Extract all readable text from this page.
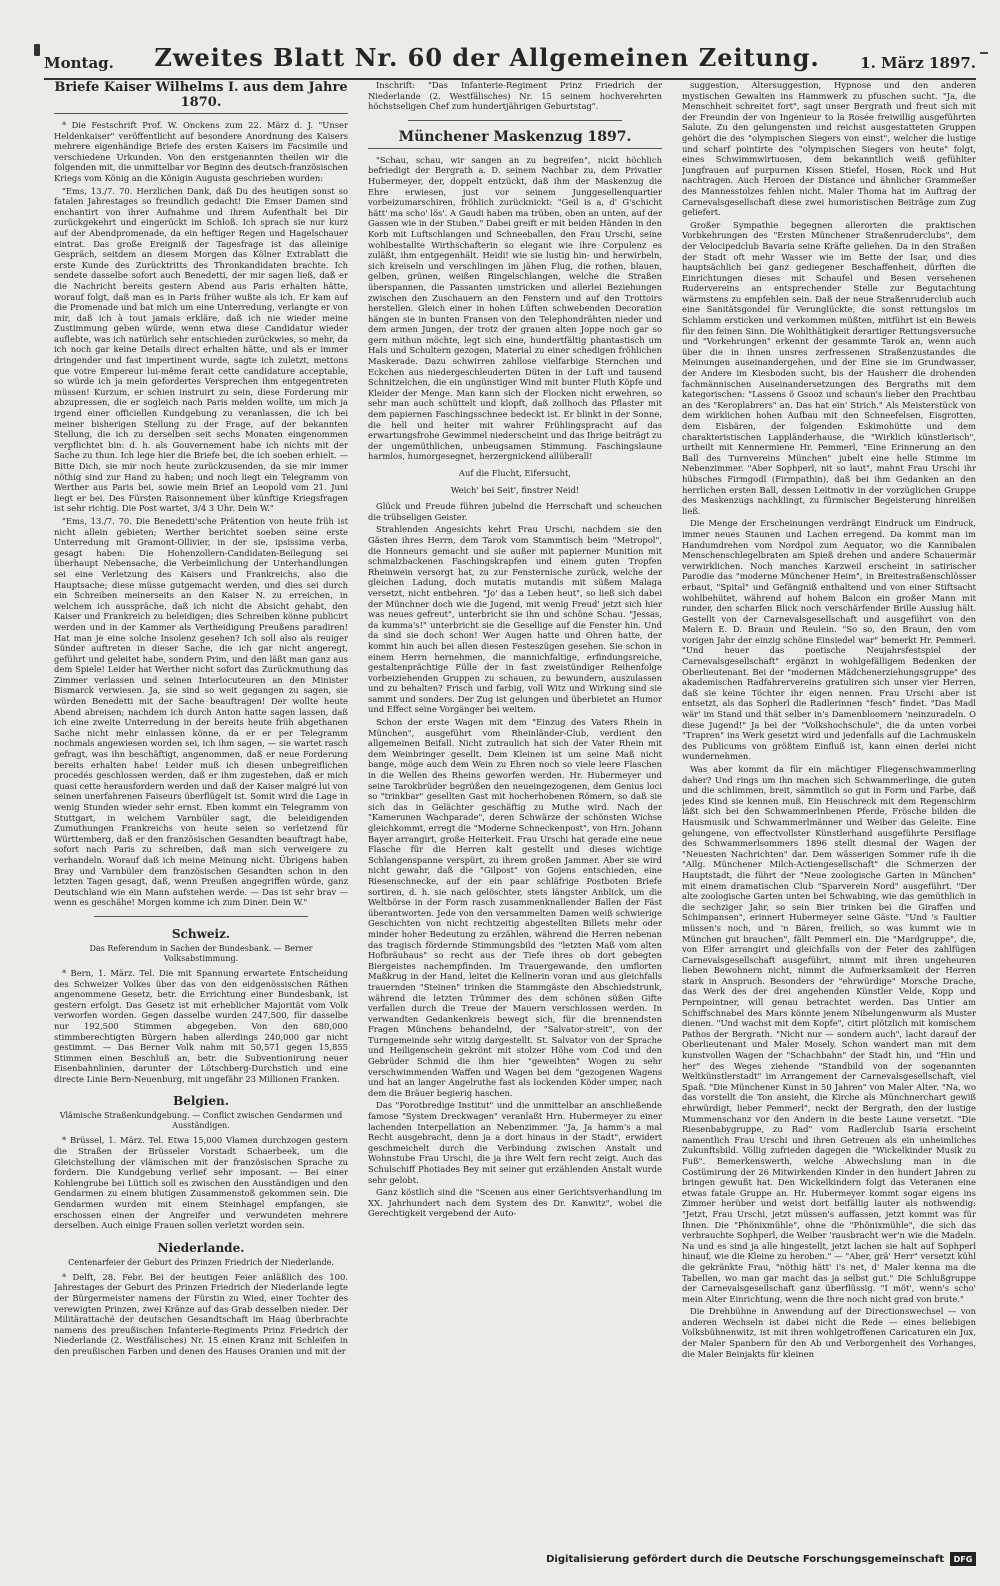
Montag. Zweites Blatt Nr. 60 der Allgemeinen Zeitung.	1. März 1897.
Briefe Kaiser Wilhelms I. aus dem Jahre 1870.

* Die Festschrift Prof. W. Onckens zum 22. März d. J. "Unser Heldenkaiser" veröffentlicht auf besondere Anordnung des Kaisers mehrere eigenhändige Briefe des ersten Kaisers im Facsimile und verschiedene Urkunden. Von den erstgenannten theilen wir die folgenden mit, die unmittelbar vor Beginn des deutsch-französischen Kriegs vom König an die Königin Augusta geschrieben wurden:

"Ems, 13./7. 70. Herzlichen Dank, daß Du des heutigen sonst so fatalen Jahrestages so freundlich gedacht! Die Emser Damen sind enchantirt von ihrer Aufnahme und ihrem Aufenthalt bei Dir zurückgekehrt und eingerückt im Schloß. Ich sprach sie nur kurz auf der Abendpromenade, da ein heftiger Regen und Hagelschauer eintrat. Das große Ereigniß der Tagesfrage ist das alleinige Gespräch, seitdem an diesem Morgen das Kölner Extrablatt die erste Kunde des Zurücktritts des Thronkandidaten brachte. Ich sendete dasselbe sofort auch Benedetti, der mir sagen ließ, daß er die Nachricht bereits gestern Abend aus Paris erhalten hätte, worauf folgt, daß man es in Paris früher wußte als ich. Er kam auf die Promenade und bat mich um eine Unterredung, verlangte er von mir, daß ich à tout jamais erkläre, daß ich nie wieder meine Zustimmung geben würde, wenn etwa diese Candidatur wieder auflebte, was ich natürlich sehr entschieden zurückwies, so mehr, da ich noch gar keine Details direct erhalten hätte, und als er immer dringender und fast impertinent wurde, sagte ich zuletzt, mettons que votre Empereur lui-même ferait cette candidature acceptable, so würde ich ja mein gefordertes Versprechen ihm entgegentreten müssen! Kurzum, er schien instruirt zu sein, diese Forderung mir abzupressen, die er sogleich nach Paris melden wollte, um mich ja irgend einer officiellen Kundgebung zu veranlassen, die ich bei meiner bisherigen Stellung zu der Frage, auf der bekannten Stellung, die ich zu derselben seit sechs Monaten eingenommen verpflichtet bin: d. h. als Gouvernement habe ich nichts mit der Sache zu thun. Ich lege hier die Briefe bei, die ich soeben erhielt. — Bitte Dich, sie mir noch heute zurückzusenden, da sie mir immer nöthig sind zur Hand zu haben; und noch liegt ein Telegramm von Werther aus Paris bei, sowie mein Brief an Leopold vom 21. Juni liegt er bei. Des Fürsten Raisonnement über künftige Kriegsfragen ist sehr richtig. Die Post wartet, 3/4 3 Uhr. Dein W."

"Ems, 13./7. 70. Die Benedetti'sche Prätention von heute früh ist nicht allein gebieten; Werther berichtet soeben seine erste Unterredung mit Gramont-Ollivier, in der sie, ipsissima verba, gesagt haben: Die Hohenzollern-Candidaten-Beilegung sei überhaupt Nebensache, die Verbeimlichung der Unterhandlungen sei eine Verletzung des Kaisers und Frankreichs, also die Hauptsache; diese müsse gutgemacht werden, und dies sei durch ein Schreiben meinerseits an den Kaiser N. zu erreichen, in welchem ich ausspräche, daß ich nicht die Absicht gehabt, den Kaiser und Frankreich zu beleidigen; dies Schreiben könne publicirt werden und in der Kammer als Vertheidigung Preußens paradiren! Hat man je eine solche Insolenz gesehen? Ich soll also als reuiger Sünder auftreten in dieser Sache, die ich gar nicht angeregt, geführt und geleitet habe, sondern Prim, und den läßt man ganz aus dem Spiele! Leider hat Werther nicht sofort das Zurückmuthung das Zimmer verlassen und seinen Interlocuteuren an den Minister Bismarck verwiesen. Ja, sie sind so weit gegangen zu sagen, sie würden Benedetti mit der Sache beauftragen! Der wollte heute Abend abreisen; nachdem ich durch Anton hatte sagen lassen, daß ich eine zweite Unterredung in der bereits heute früh abgethanen Sache nicht mehr einlassen könne, da er er per Telegramm nochmals angewiesen worden sei, ich ihm sagen, — sie wartet rasch gefragt, was ihn beschäftigt, angenommen, daß er neue Forderung bereits erhalten habe! Leider muß ich diesen unbegreiflichen procedés geschlossen werden, daß er ihm zugestehen, daß er mich quasi cette herausfordern werden und daß der Kaiser malgré lui von seinen unerfahrenen Faiseurs überflügelt ist. Somit wird die Lage in wenig Stunden wieder sehr ernst. Eben kommt ein Telegramm von Stuttgart, in welchem Varnbüler sagt, die beleidigenden Zumuthungen Frankreichs von heute seien so verletzend für Württemberg, daß er den französischen Gesandten beauftragt habe, sofort nach Paris zu schreiben, daß man sich verweigere zu verhandeln. Worauf daß ich meine Meinung nicht. Übrigens haben Bray und Varnbüler dem französischen Gesandten schon in den letzten Tagen gesagt, daß, wenn Preußen angegriffen würde, ganz Deutschland wie ein Mann aufstehen werde. — Das ist sehr brav — wenn es geschähe! Morgen komme ich zum Diner. Dein W."

Schweiz.
Das Referendum in Sachen der Bundesbank. — Berner Volksabstimmung.

* Bern, 1. März. Tel. Die mit Spannung erwartete Entscheidung des Schweizer Volkes über das von den eidgenössischen Räthen angenommene Gesetz, betr. die Errichtung einer Bundesbank, ist gestern erfolgt. Das Gesetz ist mit erheblicher Majorität vom Volk verworfen worden. Gegen dasselbe wurden 247,500, für dasselbe nur 192,500 Stimmen abgegeben. Von den 680,000 stimmberechtigten Bürgern haben allerdings 240,000 gar nicht gestimmt. — Das Berner Volk nahm mit 50,571 gegen 15,855 Stimmen einen Beschluß an, betr. die Subventionirung neuer Eisenbahnlinien, darunter der Lötschberg-Durchstich und eine directe Linie Bern-Neuenburg, mit ungefähr 23 Millionen Franken.

Belgien.
Vlämische Straßenkundgebung. — Conflict zwischen Gendarmen und Ausständigen.

* Brüssel, 1. März. Tel. Etwa 15,000 Vlamen durchzogen gestern die Straßen der Brüsseler Vorstadt Schaerbeek, um die Gleichstellung der vlämischen mit der französischen Sprache zu fordern. Die Kundgebung verlief sehr imposant. — Bei einer Kohlengrube bei Lüttich soll es zwischen den Ausständigen und den Gendarmen zu einem blutigen Zusammenstoß gekommen sein. Die Gendarmen wurden mit einem Steinhagel empfangen, sie erschossen einen der Angreifer und verwundeten mehrere derselben. Auch einige Frauen sollen verletzt worden sein.

Niederlande.
Centenarfeier der Geburt des Prinzen Friedrich der Niederlande.

* Delft, 28. Febr. Bei der heutigen Feier anläßlich des 100. Jahrestages der Geburt des Prinzen Friedrich der Niederlande legte der Bürgermeister namens der Fürstin zu Wied, einer Tochter des verewigten Prinzen, zwei Kränze auf das Grab desselben nieder. Der Militärattaché der deutschen Gesandtschaft im Haag überbrachte namens des preußischen Infanterie-Regiments Prinz Friedrich der Niederlande (2. Westfälisches) Nr. 15 einen Kranz mit Schleifen in den preußischen Farben und denen des Hauses Oranien und mit der

Inschrift: "Das Infanterie-Regiment Prinz Friedrich der Niederlande (2. Westfälisches) Nr. 15 seinem hochverehrten höchstseligen Chef zum hundertjährigen Geburtstag".

Münchener Maskenzug 1897.

"Schau, schau, wir sangen an zu begreifen", nickt höchlich befriedigt der Bergrath a. D. seinem Nachbar zu, dem Privatier Hubermeyer, der, doppelt entzückt, daß ihm der Maskenzug die Ehre erwiesen, just vor seinem Junggesellenquartier vorbeizumarschiren, fröhlich zurücknickt: "Geil is a, d' G'schicht hätt' ma scho' lös'. A Gaudi haben ma trüben, oben an unten, auf der Gassen wie in der Stuben." Dabei greift er mit beiden Händen in den Korb mit Luftschlangen und Schneeballen, den Frau Urschi, seine wohlbestallte Wirthschafterin so elegant wie ihre Corpulenz es zuläßt, ihm entgegenhält. Heidi! wie sie lustig hin- und herwirbeln, sich kreiseln und verschlingen im jähen Flug, die rothen, blauen, gelben, grünen, weißen Ringelschlangen, welche die Straßen überspannen, die Passanten umstricken und allerlei Beziehungen zwischen den Zuschauern an den Fenstern und auf den Trottoirs herstellen. Gleich einer in hohen Lüften schwebenden Decoration hängen sie in bunten Fransen von den Telephondrähten nieder und dem armen Jungen, der trotz der grauen alten Joppe noch gar so gern mithun möchte, legt sich eine, hundertfältig phantastisch um Hals und Schultern gezogen, Material zu einer schedigen fröhlichen Maskerade. Dazu schwirren zahllose vielfarbige Sternchen und Eckchen aus niedergeschleuderten Düten in der Luft und tausend Schnitzelchen, die ein ungünstiger Wind mit bunter Fluth Köpfe und Kleider der Menge. Man kann sich der Flocken nicht erwehren, so sehr man auch schüttelt und klopft, daß zollhoch das Pflaster mit dem papiernen Faschingsschnee bedeckt ist. Er blinkt in der Sonne, die hell und heiter mit wahrer Frühlingspracht auf das erwartungsfrohe Gewimmel niederscheint und das Ihrige beiträgt zu der ungemüthlichen, unbeugsamen Stimmung. Faschingslaune harmlos, humorgesegnet, herzergnickend allüberall!

Auf die Flucht, Eifersucht,
Weich' bei Seit', finstrer Neid!

Glück und Freude führen jubelnd die Herrschaft und scheuchen die trübseligen Geister.

Strahlenden Angesichts kehrt Frau Urschi, nachdem sie den Gästen ihres Herrn, dem Tarok vom Stammtisch beim "Metropol", die Honneurs gemacht und sie außer mit papierner Munition mit schmalzbackenen Faschingskrapfen und einem guten Tropfen Rheinwein versorgt hat, zu zur Fensternische zurück, welche der gleichen Ladung, doch mutatis mutandis mit süßem Malaga versetzt, nicht entbehren. "Jo' das a Leben heut", so ließ sich dabei der Münchner doch wie die Jugend, mit wenig Freud' jetzt sich hier was neues gefreut", unterbricht sie ihn und schöne Schau. "Jessas, da kumma's!" unterbricht sie die Gesellige auf die Fenster hin. Und da sind sie doch schon! Wer Augen hatte und Ohren hatte, der kommt hin auch bei allen diesen Festeszügen gesehen. Sie schon in einem Herrn hernehmen, die mannichfaltige, erfindungsreiche, gestaltenprächtige Fülle der in fast zweistündiger Reihenfolge vorbeiziehenden Gruppen zu schauen, zu bewundern, auszulassen und zu behalten? Frisch und farbig, voll Witz und Wirkung sind sie sammt und sonders. Der Zug ist gelungen und überbietet an Humor und Effect seine Vorgänger bei weitem.

Schon der erste Wagen mit dem "Einzug des Vaters Rhein in München", ausgeführt vom Rheinländer-Club, verdient den allgemeinen Beifall. Nicht zutraulich hat sich der Vater Rhein mit dem Weinbringer gesellt. Dem Kleinen ist um seine Maß nicht bange, möge auch dem Wein zu Ehren noch so viele leere Flaschen in die Wellen des Rheins geworfen werden. Hr. Hubermeyer und seine Tarokbrüder begrüßen den neueingezogenen, dem Genius loci so "trinkbar" gesellten Gast mit hocherhobenen Römern, so daß sie sich das in Gelächter geschäftig zu Muthe wird. Nach der "Kamerunen Wachparade", deren Schwärze der schönsten Wichse gleichkommt, erregt die "Moderne Schneckenpost", von Hrn. Johann Bayer arrangirt, große Heiterkeit. Frau Urschi hat gerade eine neue Flasche für die Herren kalt gestellt und dieses wichtige Schlangenspanne verspürt, zu ihrem großen Jammer. Aber sie wird nicht gewahr, daß die "Gilpost" von Gojens entschieden, eine Riesenschnecke, auf der ein paar schläfrige Postboten Briefe sortiren, d. h. sie nach gelöschter, stets längster Anblick, um die Weltbörse in der Form rasch zusammenknallender Ballen der Fäst überantworten. Jede von den versammelten Damen weiß schwierige Geschichten von nicht rechtzeitig abgestellten Billets mehr oder minder hoher Bedeutung zu erzählen, während die Herren nebenan das tragisch fördernde Stimmungsbild des "letzten Maß vom alten Hofbräuhaus" so recht aus der Tiefe ihres ob dort gebegten Biergeistes nachempfinden. Im Trauergewande, den umflorten Maßkrug in der Hand, leitet die Kellnerin voran und aus gleichfalls trauernden "Steinen" trinken die Stammgäste den Abschiedstrunk, während die letzten Trümmer des dem schönen süßen Gifte verfallen durch die Treue der Mauern verschlossen werden. In verwandten Gedankenkreis bewegt sich, für die brennendsten Fragen Münchens behandelnd, der "Salvator-streit", von der Turngemeinde sehr witzig dargestellt. St. Salvator von der Sprache und Heiligenschein gekrönt mit stolzer Höhe vom Cod und den Gebrüder Schmid die ihm hier "geweihten" Wogen zu sehr verschwimmenden Waffen und Wagen bei dem "gezogenen Wagens und hat an langer Angelruthe fast als lockenden Köder umper, nach dem die Bräuer begierig haschen.

Das "Porotbredige Institut" und die unmittelbar an anschließende famose "System Dreckwagen" veranlaßt Hrn. Hubermeyer zu einer lachenden Interpellation an Nebenzimmer. "Ja, Ja hamm's a mal Recht ausgebracht, denn ja a dort hinaus in der Stadt", erwidert geschmeichelt durch die Verbindung zwischen Anstalt und Wohnstube Frau Urschi, die ja ihre Welt fern recht zeigt. Auch das Schulschiff Photiades Bey mit seiner gut erzählenden Anstalt wurde sehr gelobt.

Ganz köstlich sind die "Scenen aus einer Gerichtsverhandlung im XX. Jahrhundert nach dem System des Dr. Kanwitz", wobei die Gerechtigkeit vergebend der Auto-

suggestion, Altersuggestion, Hypnose und den anderen mystischen Gewalten ins Hammwerk zu pfuschen sucht. "Ja, die Menschheit schreitet fort", sagt unser Bergrath und freut sich mit der Freundin der von Ingenieur to la Rosée freiwillig ausgeführten Salute. Zu den gelungensten und reichst ausgestatteten Gruppen gehört die des "olympischen Siegers von einst", welcher die lustige und scharf pointirte des "olympischen Siegers von heute" folgt, eines Schwimmwirtuosen, dem bekanntlich weiß gefühlter Jungfrauen auf purpurnen Kissen Stiefel, Hosen, Rock und Hut nachtragen. Auch Heroen der Distance und ähnlicher Grammeßer des Mannesstolzes fehlen nicht. Maler Thoma hat im Auftrag der Carnevalsgesellschaft diese zwei humoristischen Beiträge zum Zug geliefert.

Großer Sympathie begegnen allerorten die praktischen Vorbkehrungen des "Ersten Münchener Straßenruderclubs", dem der Velocipedclub Bavaria seine Kräfte geliehen. Da in den Straßen der Stadt oft mehr Wasser wie im Bette der Isar, und dies hauptsächlich bei ganz gediegener Beschaffenheit, dürften die Einrichtungen dieses mit Schaufel und Besen versehenen Rudervereins an entsprechender Stelle zur Begutachtung wärmstens zu empfehlen sein. Daß der neue Straßenruderclub auch eine Sanitätsgondel für Verunglückte, die sonst rettungslos im Schlamm ersticken und verkommen müßten, mitführt ist ein Beweis für den feinen Sinn. Die Wohlthätigkeit derartiger Rettungsversuche und "Vorkehrungen" erkennt der gesammte Tarok an, wenn auch über die in ihnen unsres zerfressenen Straßenzustandes die Meinungen auseinandergehen, und der Eine sie im Grundwasser, der Andere im Kiesboden sucht, bis der Hausherr die drohenden fachmännischen Auseinandersetzungen des Bergraths mit dem kategorischen: "Lassens ö Gsooz und schaun's lieber den Prachtbau an des "Keroplabrers" an. Das hat ein' Strich." Als Meisterstück von dem wirklichen hohen Aufbau mit den Schneefelsen, Eisgrotten, dem Eisbären, der folgenden Eskimohütte und dem charakteristischen Lappländerhause, die "Wirklich künstlerisch", urtheilt mit Kennermiene Hr. Pemmerl, "Eine Erinnerung an den Ball des Turnvereins München" jubelt eine helle Stimme im Nebenzimmer. "Aber Sophperl, nit so laut", mahnt Frau Urschi ihr hübsches Firmgodl (Firmpathin), daß bei ihm Gedanken an den herrlichen ersten Ball, dessen Leitmotiv in der vorzüglichen Gruppe des Maskenzugs nachklingt, zu fürmischer Begeisterung hinreißen ließ.

Die Menge der Erscheinungen verdrängt Eindruck um Eindruck, immer neues Staunen und Lachen erregend. Da kommt man im Handumdrehen vom Nordpol zum Aequator, wo die Kannibalen Menschenschlegelbraten am Spieß drehen und andere Schauermär verwirklichen. Noch manches Karzweil erscheint in satirischer Parodie das "moderne Münchener Heim", in Breitestraßenschlösser erbaut, "Spital" und Gefängniß enthaltend und von einer Stiftsacht wohlbehütet, während auf hohem Balcon ein großer Mann mit runder, den scharfen Blick noch verschärfender Brille Ausslug hält. Gestellt von der Carnevalsgesellschaft und ausgeführt von den Malern E. D. Braun und Reulein. "So so, den Braun, den vom vorigen Jahr der einzig schöne Einsiedel war" bemerkt Hr. Pemmerl. "Und heuer das poetische Neujahrsfestspiel der Carnevalsgesellschaft" ergänzt in wohlgefälligem Bedenken der Oberlieutenant. Bei der "modernen Mädchenerziehungsgruppe" des akademischen Radfahrervereins gratuliren sich unser vier Herren, daß sie keine Töchter ihr eigen nennen. Frau Urschi aber ist entsetzt, als das Sopherl die Radlerinnen "fesch" findet. "Das Madl wär' im Stand und thät selber in's Damenbloomern 'neinzuradeln. O diese Jugend!" Ja bei der "Volkshochschule", die da unten vorbei "Trapren" ins Werk gesetzt wird und jedenfalls auf die Lachmuskeln des Publicums von größtem Einfluß ist, kann einen derlei nicht wundernehmen.

Was aber kommt da für ein mächtiger Fliegenschwammerling daher? Und rings um ihn machen sich Schwammerlinge, die guten und die schlimmen, breit, sämmtlich so gut in Form und Farbe, daß jedes Kind sie kennen muß. Ein Heuschreck mit dem Regenschirm läßt sich bei den Schwammerlnbenen Pferde, Frösche bilden die Hausmusik und Schwammerlmänner und Weiber das Geleite. Eine gelungene, von effectvollster Künstlerhand ausgeführte Persiflage des Schwammerlsommers 1896 stellt diesmal der Wagen der "Neuesten Nachrichten" dar. Dem wässerigen Sommer rufe ih die "Allg. Münchener Milch-Actiengesellschaft" die Schmerzen der Hauptstadt, die führt der "Neue zoologische Garten in München" mit einem dramatischen Club "Sparverein Nord" ausgeführt. "Der alte zoologische Garten unten bei Schwabing, wie das gemüthlich in die sechziger Jahr, so sein Bier trinken bei die Giraffen und Schimpansen", erinnert Hubermeyer seine Gäste. "Und 's Faultier müssen's noch, und 'n Bären, freilich, so was kummt wie in München gut brauchen", fällt Pemmerl ein. Die "Mardgruppe", die, von Elfer arrangirt und gleichfalls von der Feier des zahlfügen Carnevalsgesellschaft ausgeführt, nimmt mit ihren ungeheuren lieben Bewohnern nicht, nimmt die Aufmerksamkeit der Herren stark in Anspruch. Besonders der "ehrwürdige" Morsche Drache, das Werk des der drei angehenden Künstler Velde, Kopp und Pernpointner, will genau betrachtet werden. Das Untier am Schiffschnabel des Mars könnte jenem Nibelungenwurm als Muster dienen. "Und wachst mit dem Kopfe", citirt plötzlich mit komischem Pathos der Bergrath. "Nicht nur — sondern auch", lacht darauf der Oberlieutenant und Maler Mosely. Schon wandert man mit dem kunstvollen Wagen der "Schachbahn" der Stadt hin, und "Hin und her" des Weges ziehende "Standbild von der sogenannten Weltkünstlerstadt" im Arrangement der Carnevalsgesellschaft, viel Spaß. "Die Münchener Kunst in 50 Jahren" von Maler Alter. "Na, wo das vorstellt die Ton ansieht, die Kirche als Münchnerchart gewiß ehrwürdigt, lieber Pemmerl", neckt der Bergrath, den der lustige Mummenschanz vor den Andern in die beste Laune versetzt. "Die Riesenbabygruppe, zu Rad" vom Radlerclub Isaria erscheint namentlich Frau Urschi und ihren Getreuen als ein unheimliches Zukunftsbild. Völlig zufrieden dagegen die "Wickelkinder Musik zu Fuß". Bemerkenswerth, welche Abwechslung man in die Costümirung der 26 Mitwirkenden Kinder in den hundert Jahren zu bringen gewußt hat. Den Wickelkindern folgt das Veteranen eine etwas fatale Gruppe an. Hr. Hubermeyer kommt sogar eigens ins Zimmer herüber und weist dort beifällig lauter als nothwendig: "Jetzt, Frau Urschi, jetzt müssen's auffassen, jetzt kommt was für Ihnen. Die "Phönixmühle", ohne die "Phönixmühle", die sich das verbrauchte Sophperl, die Weiber 'rausbracht wer'n wie die Madeln. Na und es sind ja alle hingestellt, jetzt lachen sie halt auf Sophperl hinauf, wie die Kleine zu heroben." — "Aber, grä' Herr" versetzt kühl die gekränkte Frau, "nöthig hätt' i's net, d' Maler kenna ma die Tabellen, wo man gar macht das ja selbst gut." Die Schlußgruppe der Carnevalsgesellschaft ganz überflüssig. "I möt', wenn's scho' mein Alter Einrichtung, wenn die Ihre noch nicht grad von brute."

Die Drehbühne in Anwendung auf der Directionswechsel — von anderen Wechseln ist dabei nicht die Rede — eines beliebigen Volksbühnenwitz, ist mit ihren wohlgetroffenen Caricaturen ein Jux, der Maler Spanbern für den Ab und Verborgenheit des Vorhanges, die Maler Beinjakts für kleinen

Digitalisierung gefördert durch die Deutsche Forschungsgemeinschaft	DFG
